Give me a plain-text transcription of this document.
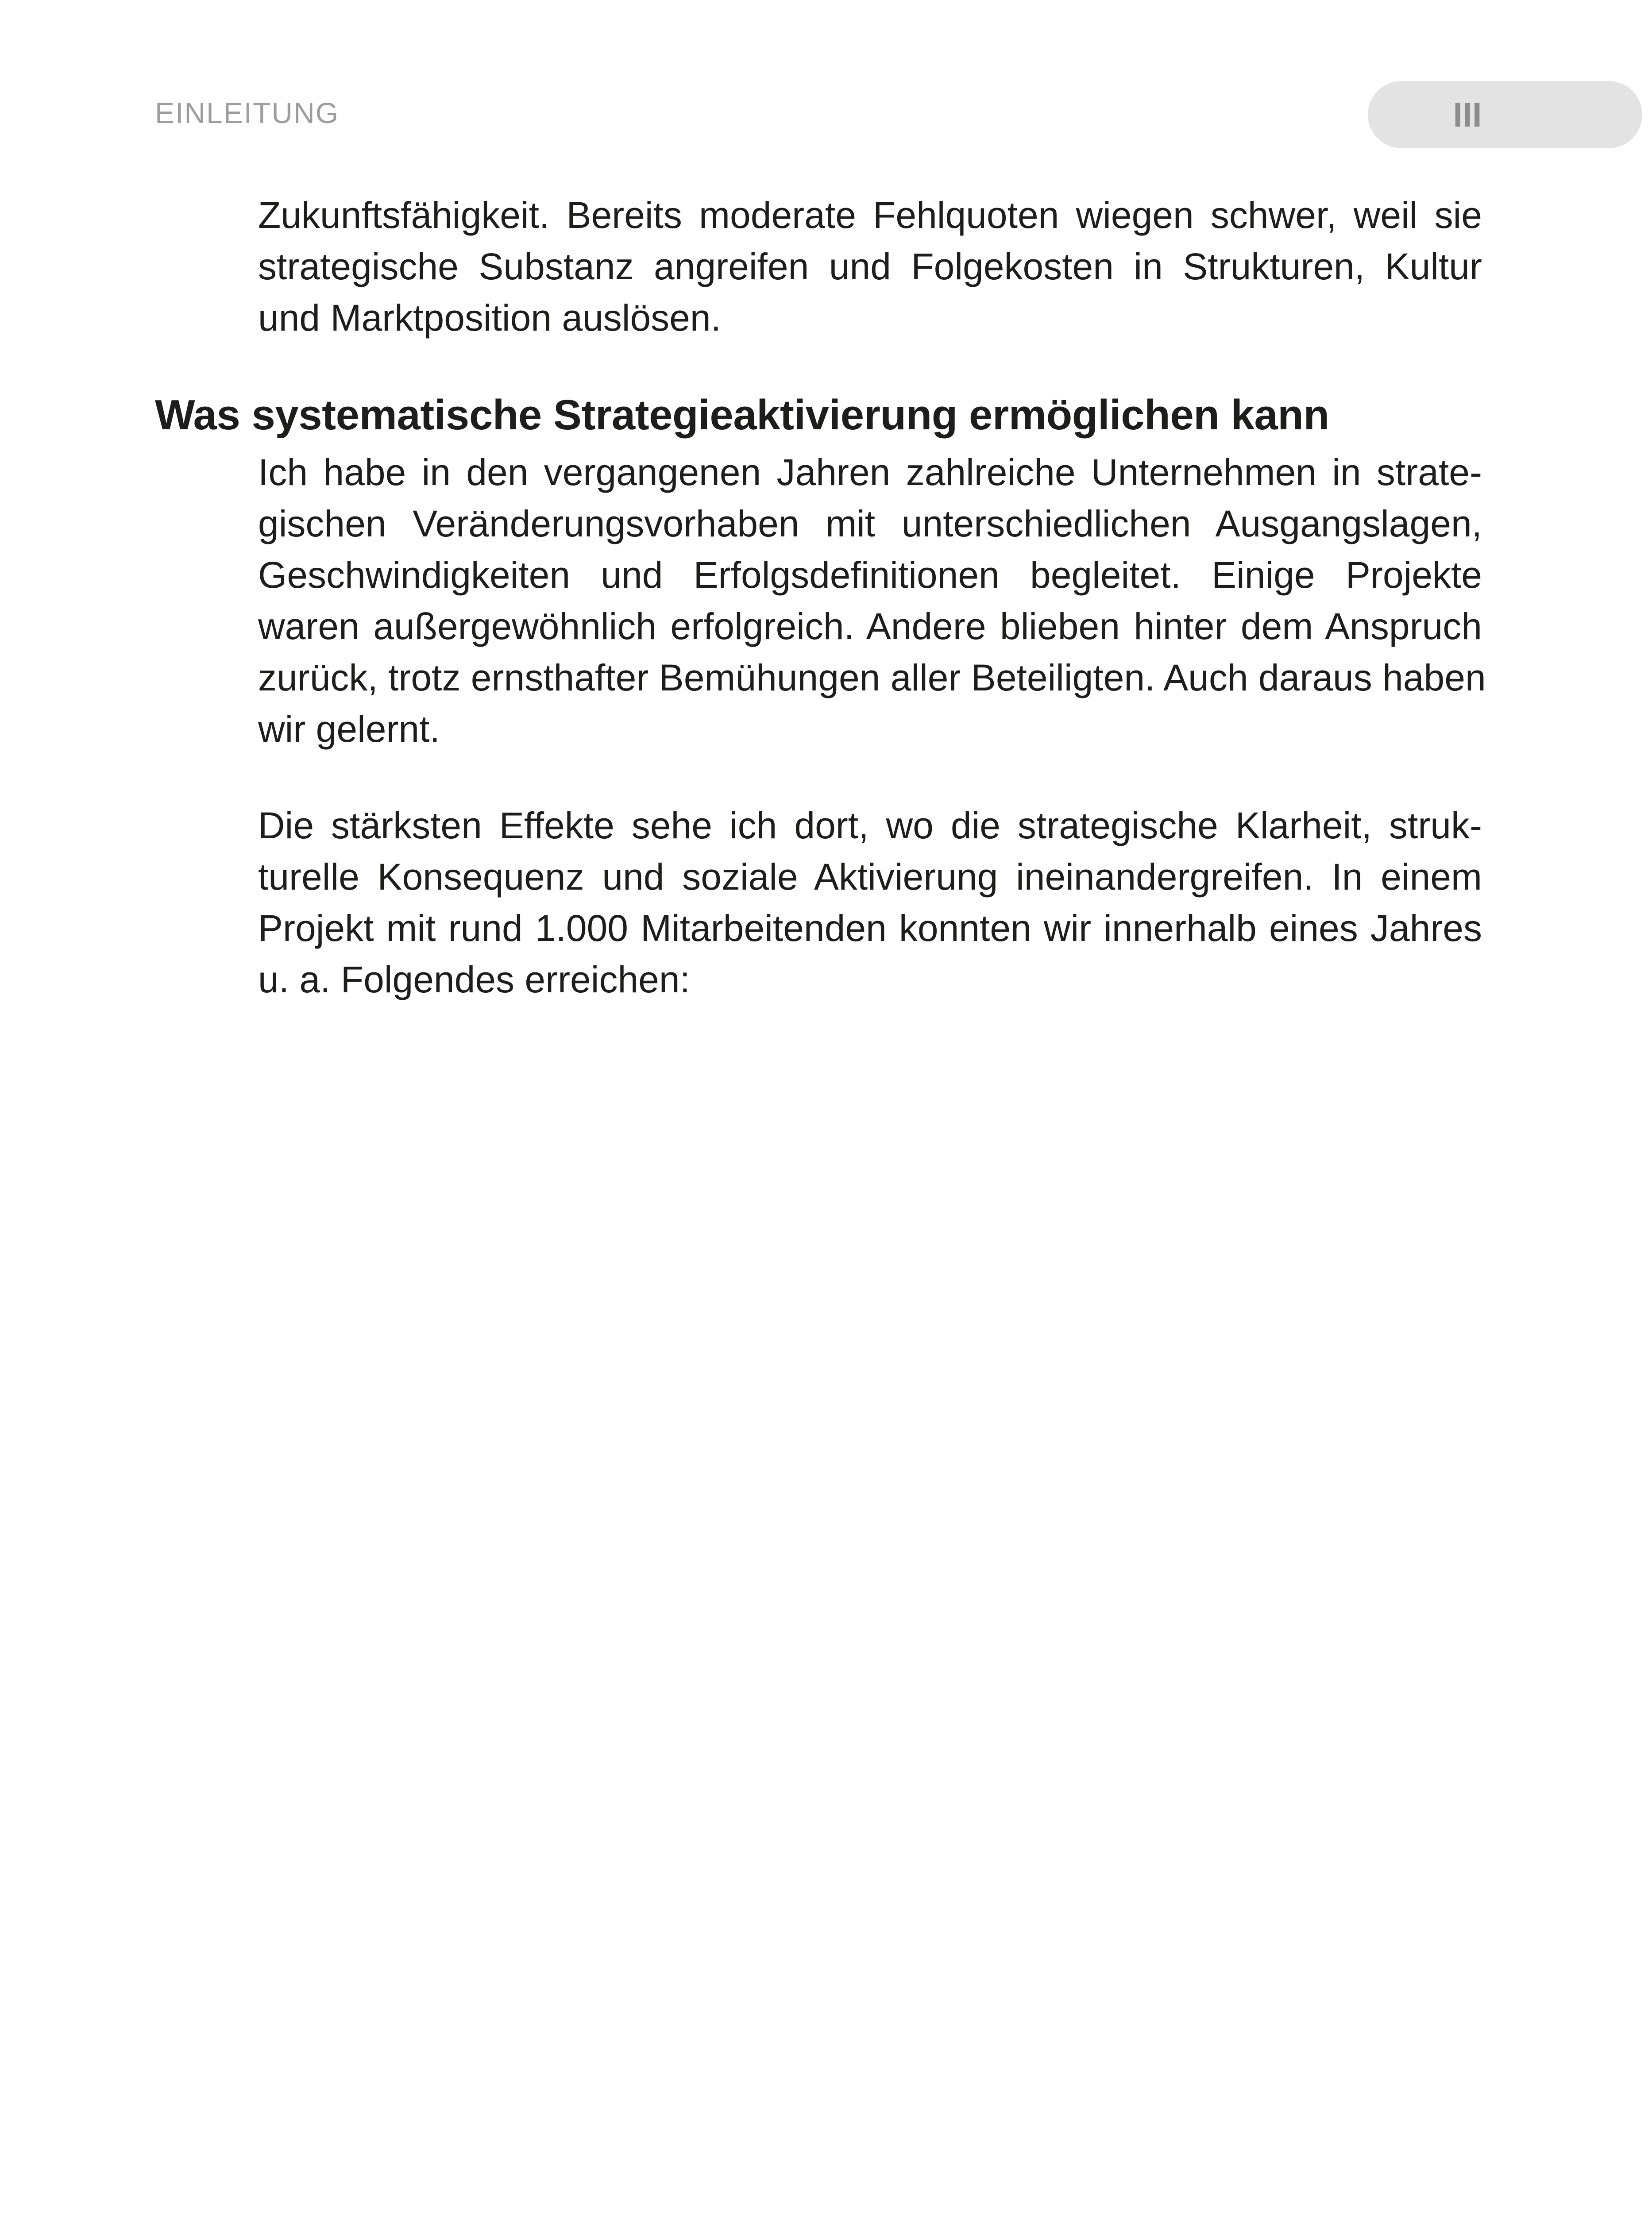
EINLEITUNG	III

Zukunftsfähigkeit. Bereits moderate Fehlquoten wiegen schwer, weil sie
strategische Substanz angreifen und Folgekosten in Strukturen, Kultur
und Marktposition auslösen.

Was systematische Strategieaktivierung ermöglichen kann

Ich habe in den vergangenen Jahren zahlreiche Unternehmen in strate-
gischen Veränderungsvorhaben mit unterschiedlichen Ausgangslagen,
Geschwindigkeiten und Erfolgsdefinitionen begleitet. Einige Projekte
waren außergewöhnlich erfolgreich. Andere blieben hinter dem Anspruch
zurück, trotz ernsthafter Bemühungen aller Beteiligten. Auch daraus haben
wir gelernt.

Die stärksten Effekte sehe ich dort, wo die strategische Klarheit, struk-
turelle Konsequenz und soziale Aktivierung ineinandergreifen. In einem
Projekt mit rund 1.000 Mitarbeitenden konnten wir innerhalb eines Jahres
u. a. Folgendes erreichen:
